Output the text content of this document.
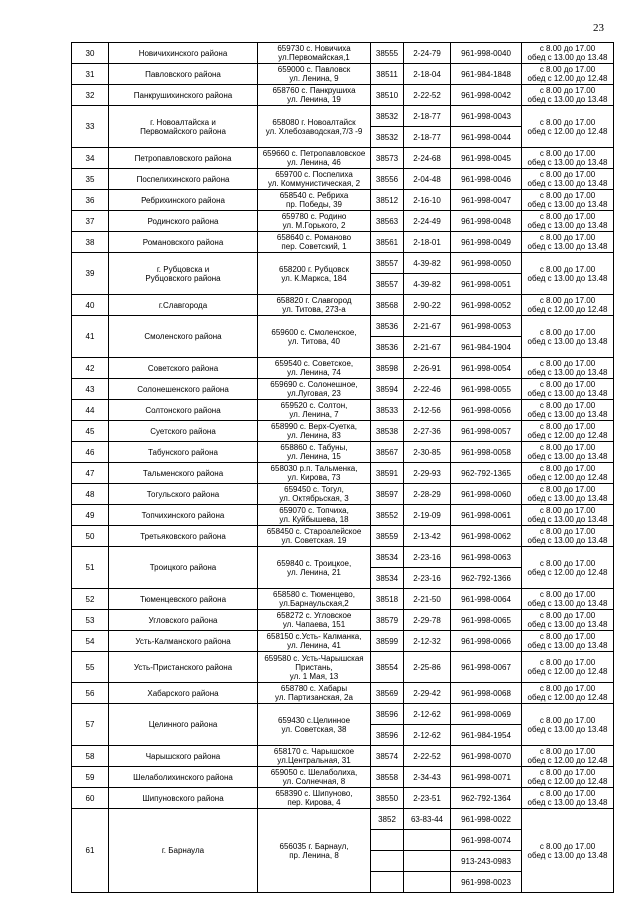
23
30	Новичихинского района	659730 с. Новичиха
ул.Первомайская,1	38555	2-24-79	961-998-0040	с 8.00 до 17.00
обед с 13.00 до 13.48

31	Павловского района	659000 с. Павловск
ул. Ленина, 9	38511	2-18-04	961-984-1848	с 8.00 до 17.00
обед с 12.00 до 12.48

32	Панкрушихинского района	658760 с. Панкрушиха
ул. Ленина, 19	38510	2-22-52	961-998-0042	с 8.00 до 17.00
обед с 13.00 до 13.48

33	г. Новоалтайска и
Первомайского района	658080 г. Новоалтайск
ул. Хлебозаводская,7/3 -9	38532	2-18-77	961-998-0043	с 8.00 до 17.00
обед с 12.00 до 12.48

			38532	2-18-77	961-998-0044	

34	Петропавловского района	659660 с. Петропавловское
ул. Ленина, 46	38573	2-24-68	961-998-0045	с 8.00 до 17.00
обед с 13.00 до 13.48

35	Поспелихинского района	659700 с. Поспелиха
ул. Коммунистическая, 2	38556	2-04-48	961-998-0046	с 8.00 до 17.00
обед с 13.00 до 13.48

36	Ребрихинского района	658540 с. Ребриха
пр. Победы, 39	38512	2-16-10	961-998-0047	с 8.00 до 17.00
обед с 13.00 до 13.48

37	Родинского района	659780 с. Родино
ул. М.Горького, 2	38563	2-24-49	961-998-0048	с 8.00 до 17.00
обед с 13.00 до 13.48

38	Романовского района	658640 с. Романово
пер. Советский, 1	38561	2-18-01	961-998-0049	с 8.00 до 17.00
обед с 13.00 до 13.48

39	г. Рубцовска и
Рубцовского района	658200 г. Рубцовск
ул. К.Маркса, 184	38557	4-39-82	961-998-0050	с 8.00 до 17.00
обед с 13.00 до 13.48

			38557	4-39-82	961-998-0051	

40	г.Славгорода	658820 г. Славгород
ул. Титова, 273-а	38568	2-90-22	961-998-0052	с 8.00 до 17.00
обед с 12.00 до 12.48

41	Смоленского района	659600 с. Смоленское,
ул. Титова, 40	38536	2-21-67	961-998-0053	с 8.00 до 17.00
обед с 13.00 до 13.48

			38536	2-21-67	961-984-1904	

42	Советского района	659540 с. Советское,
ул. Ленина, 74	38598	2-26-91	961-998-0054	с 8.00 до 17.00
обед с 13.00 до 13.48

43	Солонешенского района	659690 с. Солонешное,
ул.Луговая, 23	38594	2-22-46	961-998-0055	с 8.00 до 17.00
обед с 13.00 до 13.48

44	Солтонского района	659520 с. Солтон,
ул. Ленина, 7	38533	2-12-56	961-998-0056	с 8.00 до 17.00
обед с 13.00 до 13.48

45	Суетского района	658990 с. Верх-Суетка,
ул. Ленина, 83	38538	2-27-36	961-998-0057	с 8.00 до 17.00
обед с 12.00 до 12.48

46	Табунского района	658860 с. Табуны,
ул. Ленина, 15	38567	2-30-85	961-998-0058	с 8.00 до 17.00
обед с 13.00 до 13.48

47	Тальменского района	658030 р.п. Тальменка,
ул. Кирова, 73	38591	2-29-93	962-792-1365	с 8.00 до 17.00
обед с 12.00 до 12.48

48	Тогульского района	659450 с. Тогул,
ул. Октябрьская, 3	38597	2-28-29	961-998-0060	с 8.00 до 17.00
обед с 13.00 до 13.48

49	Топчихинского района	659070 с. Топчиха,
ул. Куйбышева, 18	38552	2-19-09	961-998-0061	с 8.00 до 17.00
обед с 13.00 до 13.48

50	Третьяковского района	658450 с. Староалейское
ул. Советская. 19	38559	2-13-42	961-998-0062	с 8.00 до 17.00
обед с 13.00 до 13.48

51	Троицкого района	659840 с. Троицкое,
ул. Ленина, 21	38534	2-23-16	961-998-0063	с 8.00 до 17.00
обед с 12.00 до 12.48

			38534	2-23-16	962-792-1366	

52	Тюменцевского района	658580 с. Тюменцево,
ул.Барнаульская,2	38518	2-21-50	961-998-0064	с 8.00 до 17.00
обед с 13.00 до 13.48

53	Угловского района	658272 с. Угловское
ул. Чапаева, 151	38579	2-29-78	961-998-0065	с 8.00 до 17.00
обед с 13.00 до 13.48

54	Усть-Калманского района	658150 с.Усть- Калманка,
ул. Ленина, 41	38599	2-12-32	961-998-0066	с 8.00 до 17.00
обед с 13.00 до 13.48

55	Усть-Пристанского района	659580 с. Усть-Чарышская
Пристань,
ул. 1 Мая, 13	38554	2-25-86	961-998-0067	с 8.00 до 17.00
обед с 12.00 до 12.48

56	Хабарского района	658780 с. Хабары
ул. Партизанская, 2а	38569	2-29-42	961-998-0068	с 8.00 до 17.00
обед с 12.00 до 12.48

57	Целинного района	659430 с.Целинное
ул. Советская, 38	38596	2-12-62	961-998-0069	с 8.00 до 17.00
обед с 13.00 до 13.48

			38596	2-12-62	961-984-1954	

58	Чарышского района	658170 с. Чарышское
ул.Центральная, 31	38574	2-22-52	961-998-0070	с 8.00 до 17.00
обед с 12.00 до 12.48

59	Шелаболихинского района	659050 с. Шелаболиха,
ул. Солнечная, 8	38558	2-34-43	961-998-0071	с 8.00 до 17.00
обед с 12.00 до 12.48

60	Шипуновского района	658390 с. Шипуново,
пер. Кирова, 4	38550	2-23-51	962-792-1364	с 8.00 до 17.00
обед с 13.00 до 13.48

61	г. Барнаула	656035 г. Барнаул,
пр. Ленина, 8	3852	63-83-44	961-998-0022	с 8.00 до 17.00
обед с 13.00 до 13.48

					961-998-0074	

					913-243-0983	

					961-998-0023	
